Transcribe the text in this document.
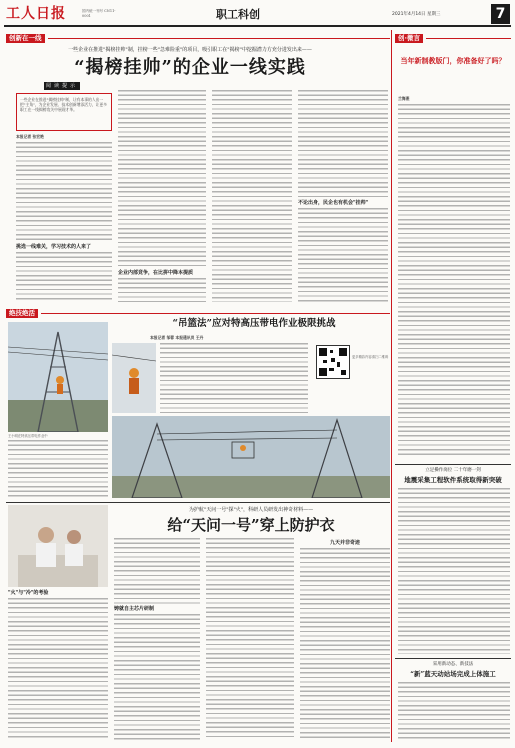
工人日报	国内统一刊号 CN11-0001	职工科创	2021年4月14日 星期三	7
创新在一线
一些企业在推进"揭榜挂帅"制，挂榜一些"急难险重"的项目，吸引职工在"揭榜"中挖掘潜力方充分进发出来——
“揭榜挂帅”的企业一线实践
阅读提示
一些企业在推进"揭榜挂帅"制，让有本事的人出一把"主角"，为企业发展、技术创新增添活力，让更多职工在一线揭榜攻关中展现才华。
本报记者 张宏艳
挑选一线难关，学习技术的人来了
企业内部竞争，在比拼中降本提质
不论出身，民企也有机会"挂帅"
绝技绝活
王小明在特高压带电作业中
“吊篮法”应对特高压带电作业极限挑战
本报记者 邹蓉 本报通讯员 王丹
更多精彩内容请扫二维码
为护航"天问一号"探"火"，科研人员研发出神奇材料——
给“天问一号”穿上防护衣
"火"与"冷"的考验
铸就自主芯片研制
九天并非奇迹
创·微言
当年新制教版门，你准备好了吗？
兰海燕
立足操作岗位 二十年磨一剑
地震采集工程软件系统取得新突破
采用新动态、新技法
“新”蓝天动站场完成上体施工
